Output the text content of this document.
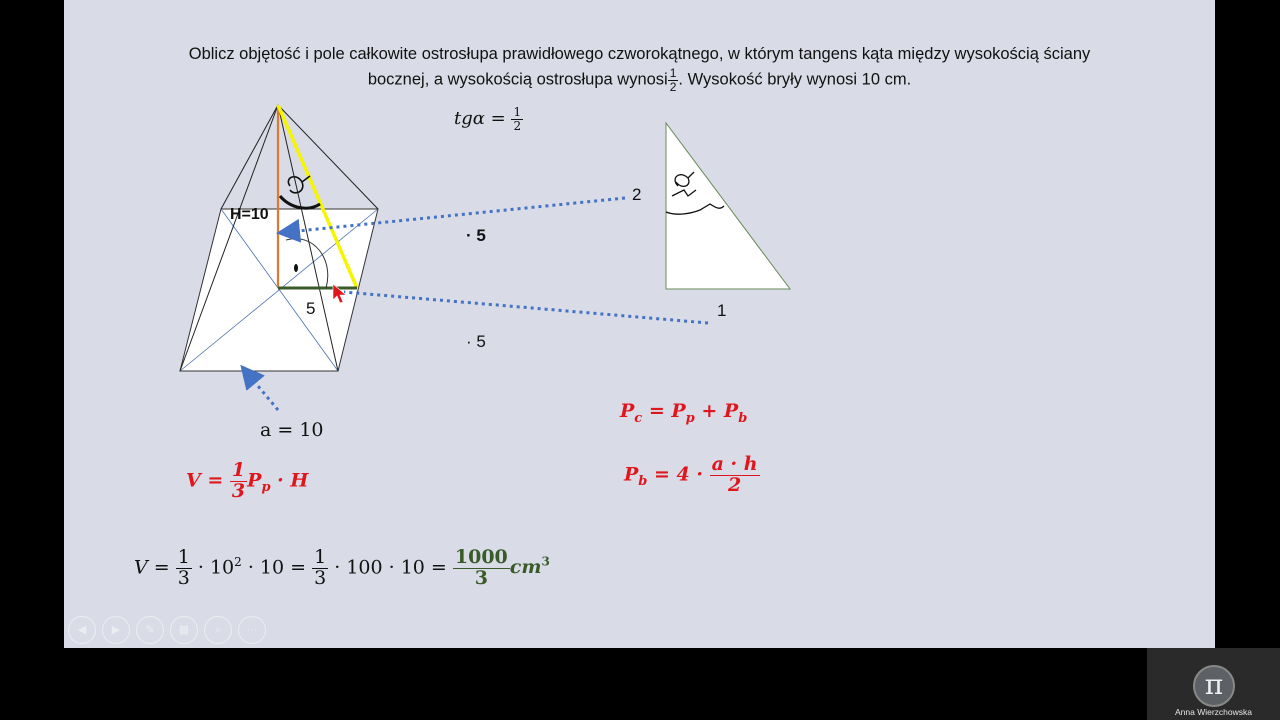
Oblicz objętość i pole całkowite ostrosłupa prawidłowego czworokątnego, w którym tangens kąta między wysokością ściany
bocznej, a wysokością ostrosłupa wynosi $\frac{1}{2}$ . Wysokość bryły wynosi 10 cm.
H=10
5
· 5
· 5
2
1
$tg\alpha = \frac{1}{2}$
a = 10
$V = \frac{1}{3} P_p \cdot H$
$V = \frac{1}{3} \cdot 10^2 \cdot 10 = \frac{1}{3} \cdot 100 \cdot 10 = \frac{1000}{3} cm^3$
$P_c = P_p + P_b$
$P_b = 4 \cdot \frac{a \cdot h}{2}$
◀	▶	✎	▦	⌕	···
π
Anna Wierzchowska
